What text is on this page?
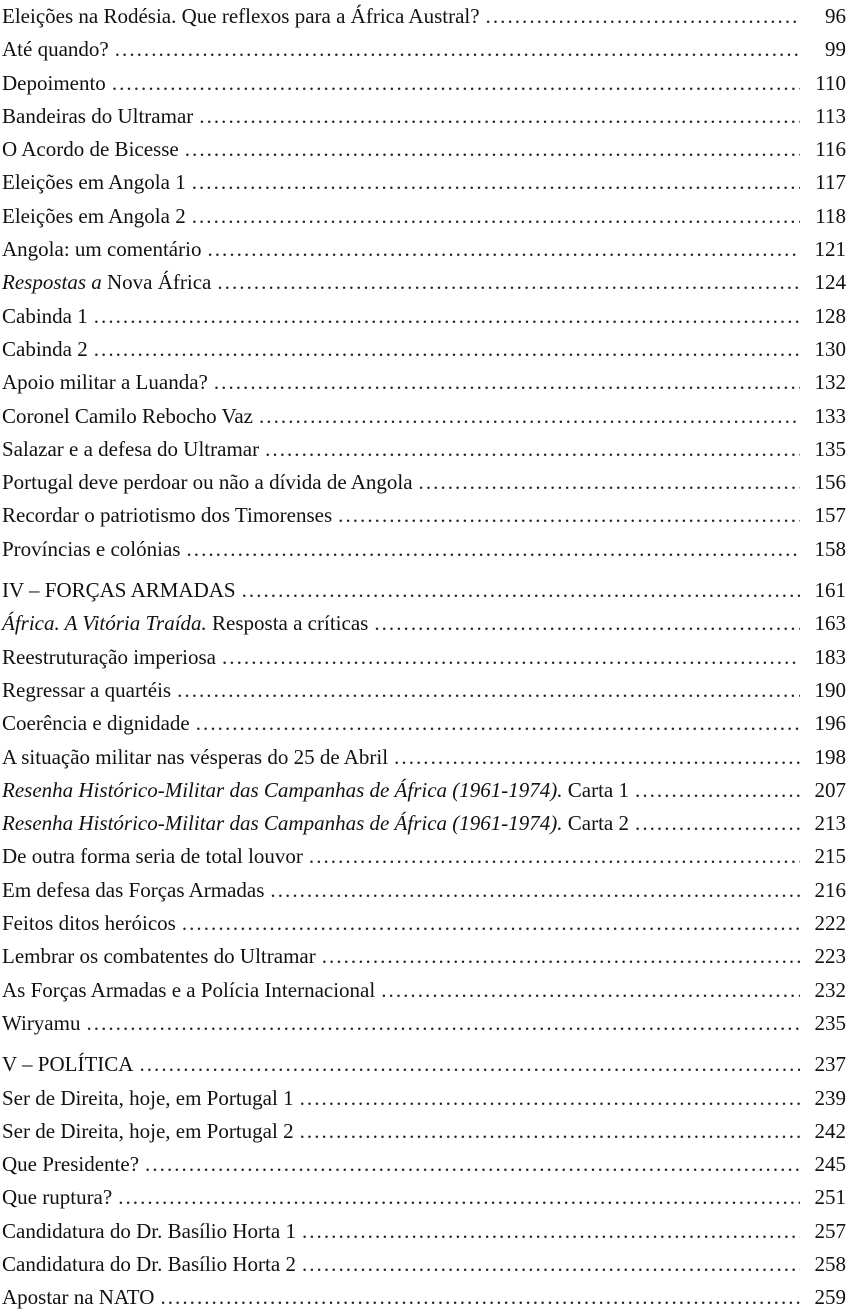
Eleições na Rodésia. Que reflexos para a África Austral? . . .	96
Até quando? . . .	99
Depoimento . . .	110
Bandeiras do Ultramar . . .	113
O Acordo de Bicesse . . .	116
Eleições em Angola 1 . . .	117
Eleições em Angola 2 . . .	118
Angola: um comentário . . .	121
Respostas a Nova África . . .	124
Cabinda 1 . . .	128
Cabinda 2 . . .	130
Apoio militar a Luanda? . . .	132
Coronel Camilo Rebocho Vaz . . .	133
Salazar e a defesa do Ultramar . . .	135
Portugal deve perdoar ou não a dívida de Angola . . .	156
Recordar o patriotismo dos Timorenses . . .	157
Províncias e colónias . . .	158
IV – FORÇAS ARMADAS . . .	161
África. A Vitória Traída. Resposta a críticas . . .	163
Reestruturação imperiosa . . .	183
Regressar a quartéis . . .	190
Coerência e dignidade . . .	196
A situação militar nas vésperas do 25 de Abril . . .	198
Resenha Histórico-Militar das Campanhas de África (1961-1974). Carta 1 . . .	207
Resenha Histórico-Militar das Campanhas de África (1961-1974). Carta 2 . . .	213
De outra forma seria de total louvor . . .	215
Em defesa das Forças Armadas . . .	216
Feitos ditos heróicos . . .	222
Lembrar os combatentes do Ultramar . . .	223
As Forças Armadas e a Polícia Internacional . . .	232
Wiryamu . . .	235
V – POLÍTICA . . .	237
Ser de Direita, hoje, em Portugal 1 . . .	239
Ser de Direita, hoje, em Portugal 2 . . .	242
Que Presidente? . . .	245
Que ruptura? . . .	251
Candidatura do Dr. Basílio Horta 1 . . .	257
Candidatura do Dr. Basílio Horta 2 . . .	258
Apostar na NATO . . .	259
